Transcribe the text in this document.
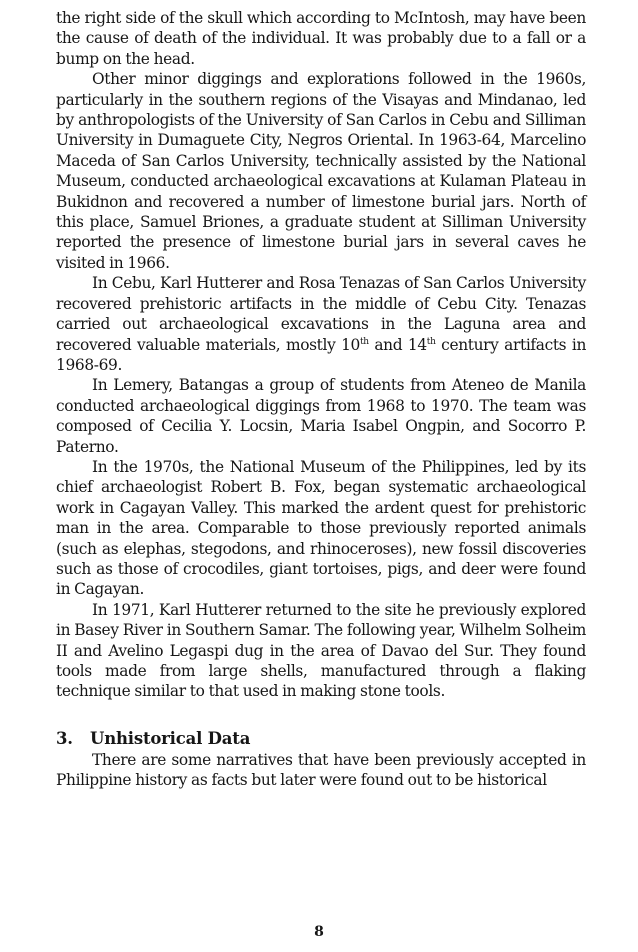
the right side of the skull which according to McIntosh, may have been the cause of death of the individual. It was probably due to a fall or a bump on the head.

Other minor diggings and explorations followed in the 1960s, particularly in the southern regions of the Visayas and Mindanao, led by anthropologists of the University of San Carlos in Cebu and Silliman University in Dumaguete City, Negros Oriental. In 1963-64, Marcelino Maceda of San Carlos University, technically assisted by the National Museum, conducted archaeological excavations at Kulaman Plateau in Bukidnon and recovered a number of limestone burial jars. North of this place, Samuel Briones, a graduate student at Silliman University reported the presence of limestone burial jars in several caves he visited in 1966.

In Cebu, Karl Hutterer and Rosa Tenazas of San Carlos University recovered prehistoric artifacts in the middle of Cebu City. Tenazas carried out archaeological excavations in the Laguna area and recovered valuable materials, mostly 10th and 14th century artifacts in 1968-69.

In Lemery, Batangas a group of students from Ateneo de Manila conducted archaeological diggings from 1968 to 1970. The team was composed of Cecilia Y. Locsin, Maria Isabel Ongpin, and Socorro P. Paterno.

In the 1970s, the National Museum of the Philippines, led by its chief archaeologist Robert B. Fox, began systematic archaeological work in Cagayan Valley. This marked the ardent quest for prehistoric man in the area. Comparable to those previously reported animals (such as elephas, stegodons, and rhinoceroses), new fossil discoveries such as those of crocodiles, giant tortoises, pigs, and deer were found in Cagayan.

In 1971, Karl Hutterer returned to the site he previously explored in Basey River in Southern Samar. The following year, Wilhelm Solheim II and Avelino Legaspi dug in the area of Davao del Sur. They found tools made from large shells, manufactured through a flaking technique similar to that used in making stone tools.

3. Unhistorical Data

There are some narratives that have been previously accepted in Philippine history as facts but later were found out to be historical

8
